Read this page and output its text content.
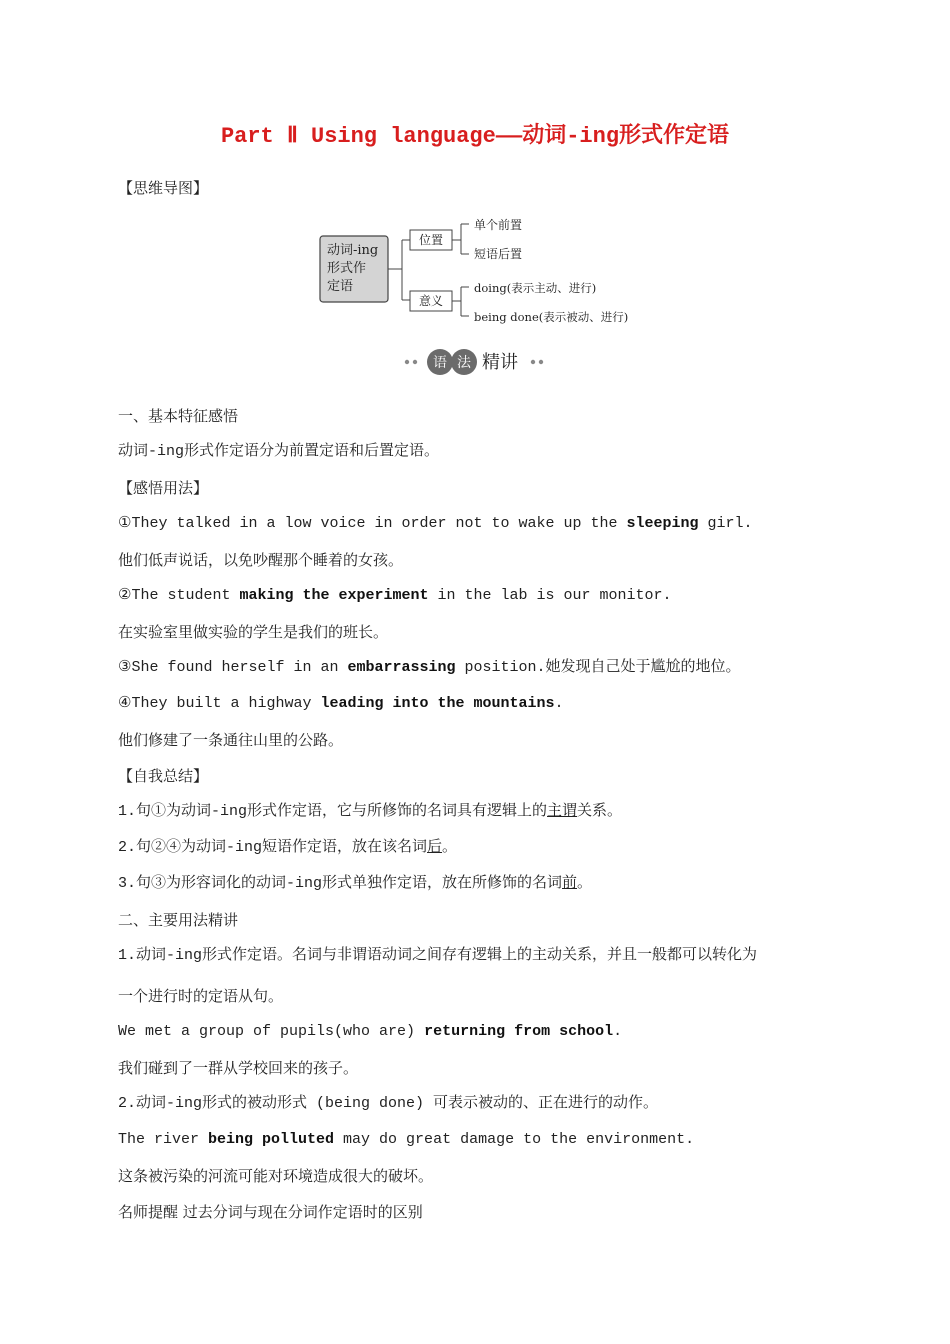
Part Ⅱ Using language——动词-ing形式作定语
【思维导图】
动词-ing
形式作
定语
位置
意义
单个前置
短语后置
doing(表示主动、进行)
being done(表示被动、进行)
语 法 精讲
一、基本特征感悟
动词-ing形式作定语分为前置定语和后置定语。
【感悟用法】
①They talked in a low voice in order not to wake up the sleeping girl.
他们低声说话，以免吵醒那个睡着的女孩。
②The student making the experiment in the lab is our monitor.
在实验室里做实验的学生是我们的班长。
③She found herself in an embarrassing position.她发现自己处于尴尬的地位。
④They built a highway leading into the mountains.
他们修建了一条通往山里的公路。
【自我总结】
1.句①为动词-ing形式作定语，它与所修饰的名词具有逻辑上的主谓关系。
2.句②④为动词-ing短语作定语，放在该名词后。
3.句③为形容词化的动词-ing形式单独作定语，放在所修饰的名词前。
二、主要用法精讲
1.动词-ing形式作定语。名词与非谓语动词之间存有逻辑上的主动关系，并且一般都可以转化为
一个进行时的定语从句。
We met a group of pupils(who are) returning from school.
我们碰到了一群从学校回来的孩子。
2.动词-ing形式的被动形式 (being done) 可表示被动的、正在进行的动作。
The river being polluted may do great damage to the environment.
这条被污染的河流可能对环境造成很大的破坏。
名师提醒 过去分词与现在分词作定语时的区别
